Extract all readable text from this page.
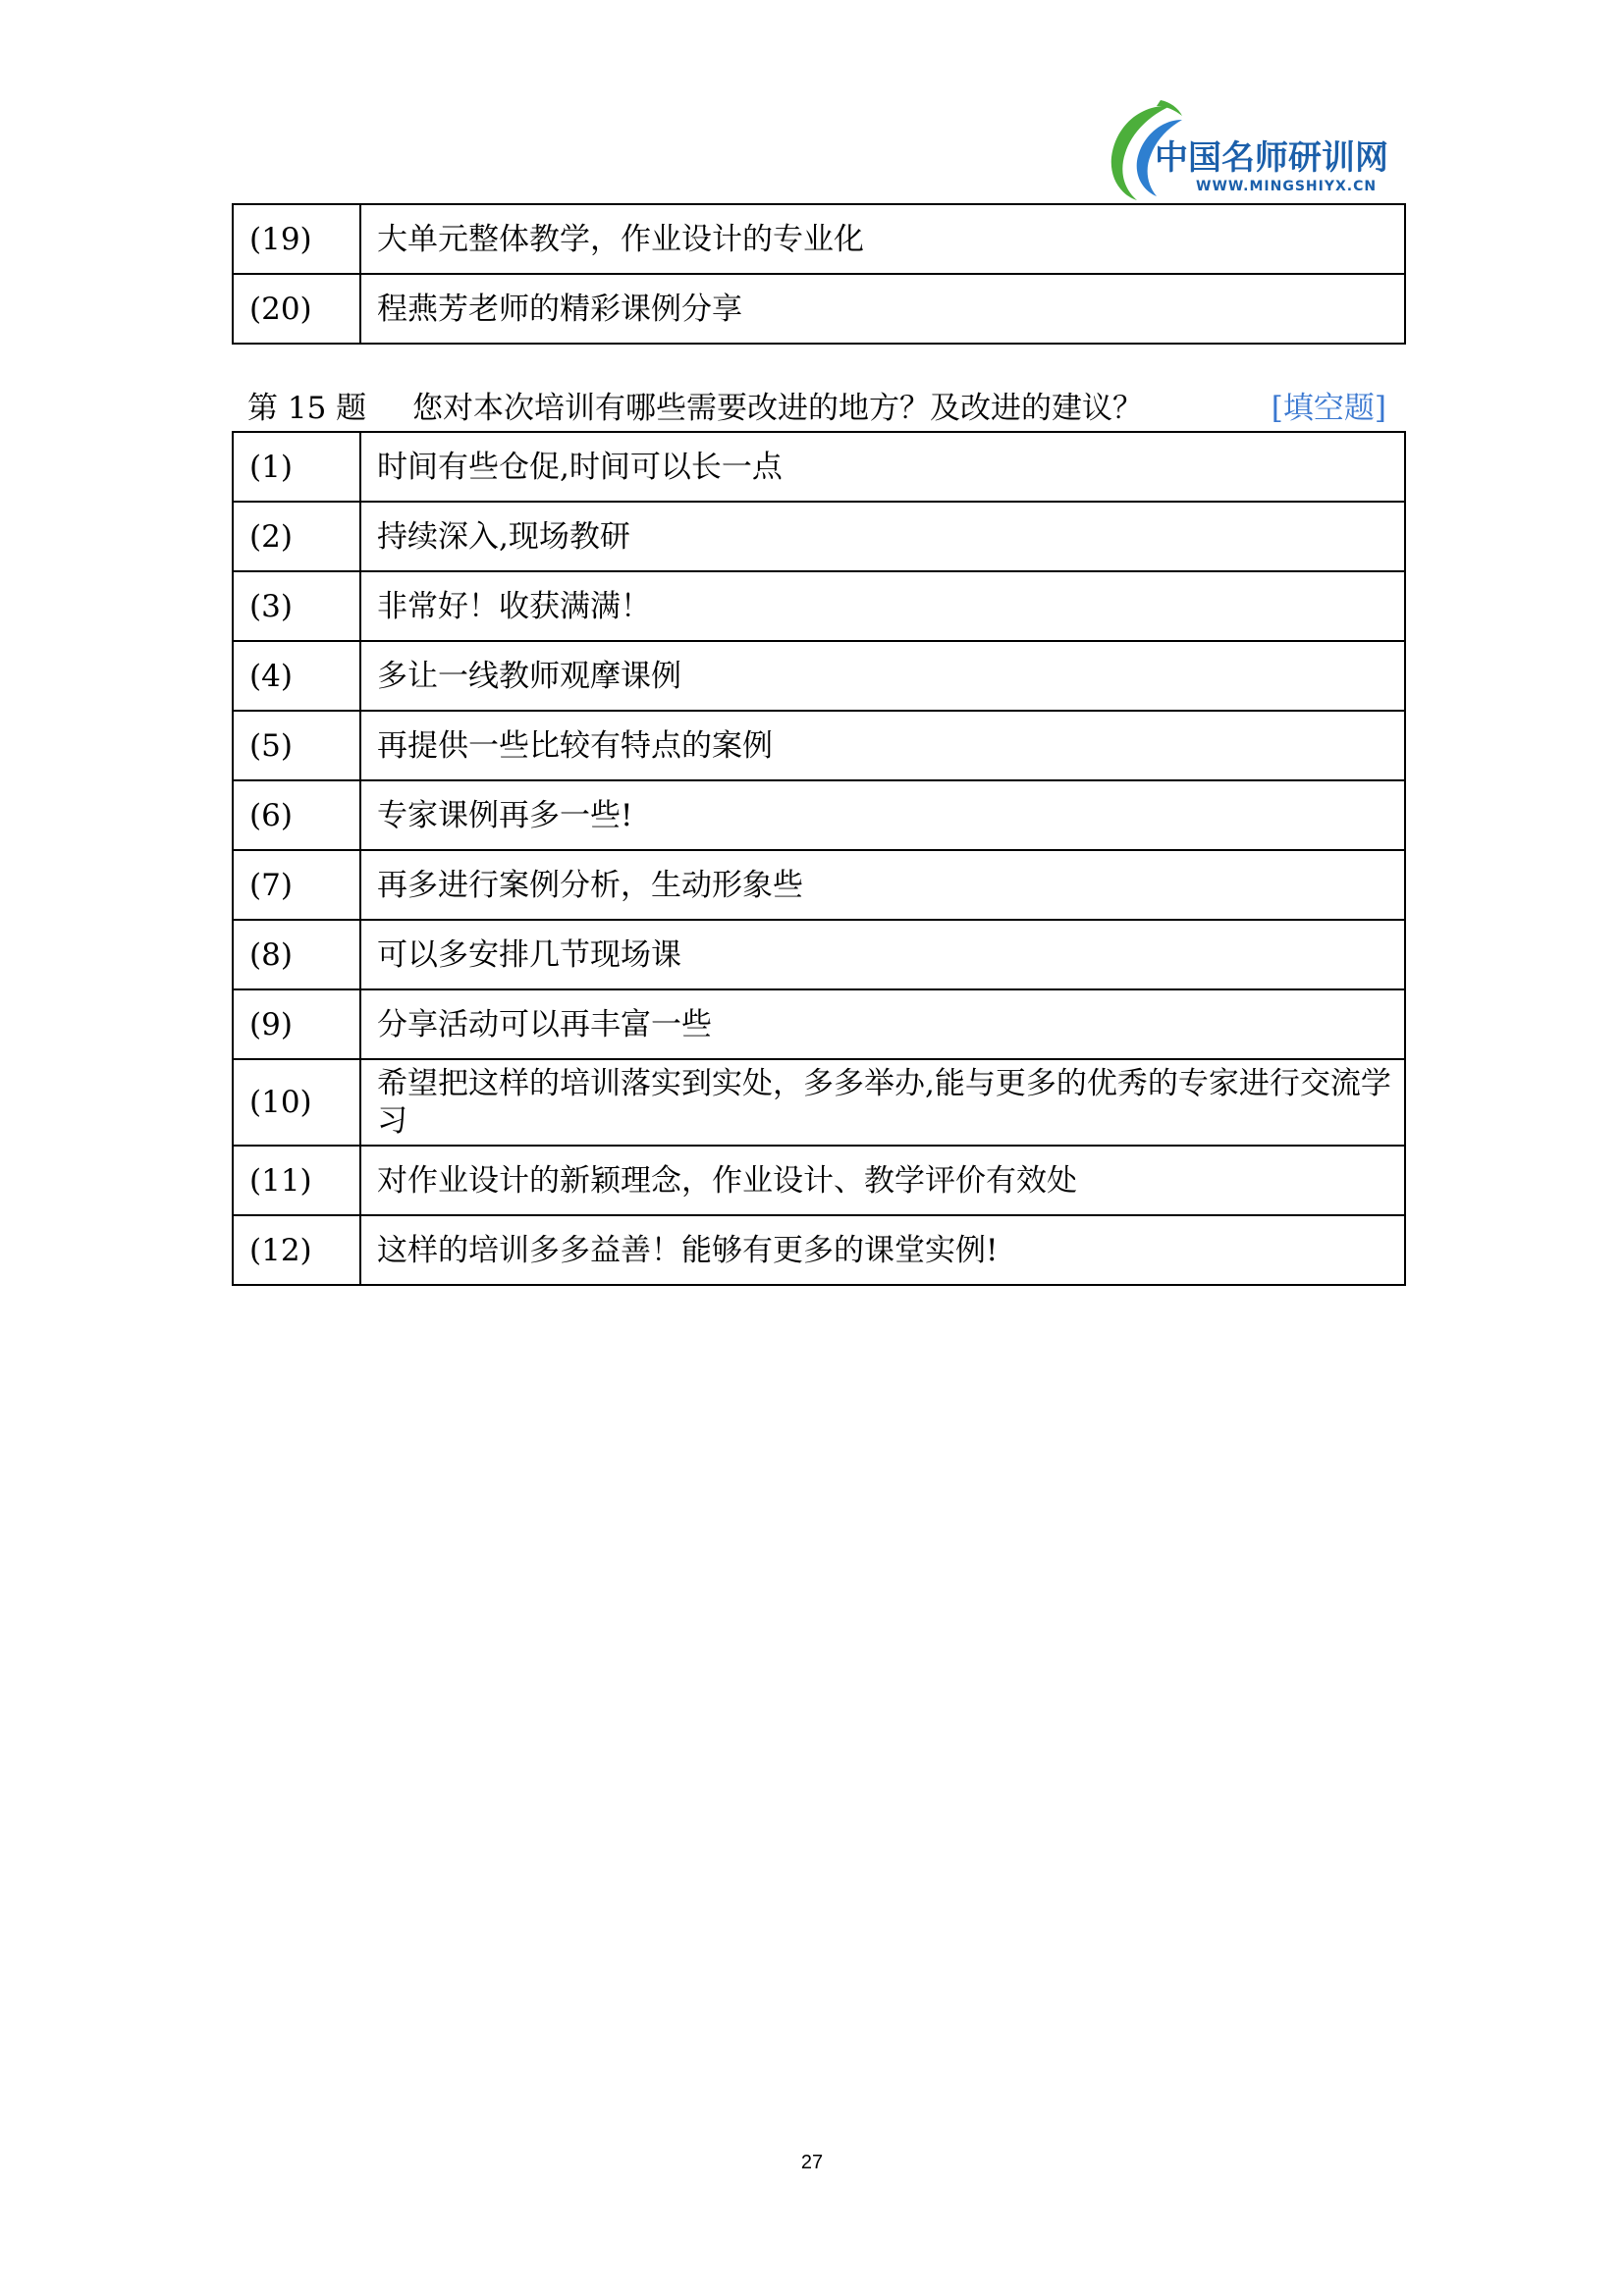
中国名师研训网
WWW.MINGSHIYX.CN
(19)	大单元整体教学，作业设计的专业化
(20)	程燕芳老师的精彩课例分享
第 15 题 您对本次培训有哪些需要改进的地方？及改进的建议？	[填空题]
(1)	时间有些仓促,时间可以长一点
(2)	持续深入,现场教研
(3)	非常好！收获满满！
(4)	多让一线教师观摩课例
(5)	再提供一些比较有特点的案例
(6)	专家课例再多一些!
(7)	再多进行案例分析，生动形象些
(8)	可以多安排几节现场课
(9)	分享活动可以再丰富一些
(10)	希望把这样的培训落实到实处，多多举办,能与更多的优秀的专家进行交流学习
(11)	对作业设计的新颖理念，作业设计、教学评价有效处
(12)	这样的培训多多益善！能够有更多的课堂实例!
27
